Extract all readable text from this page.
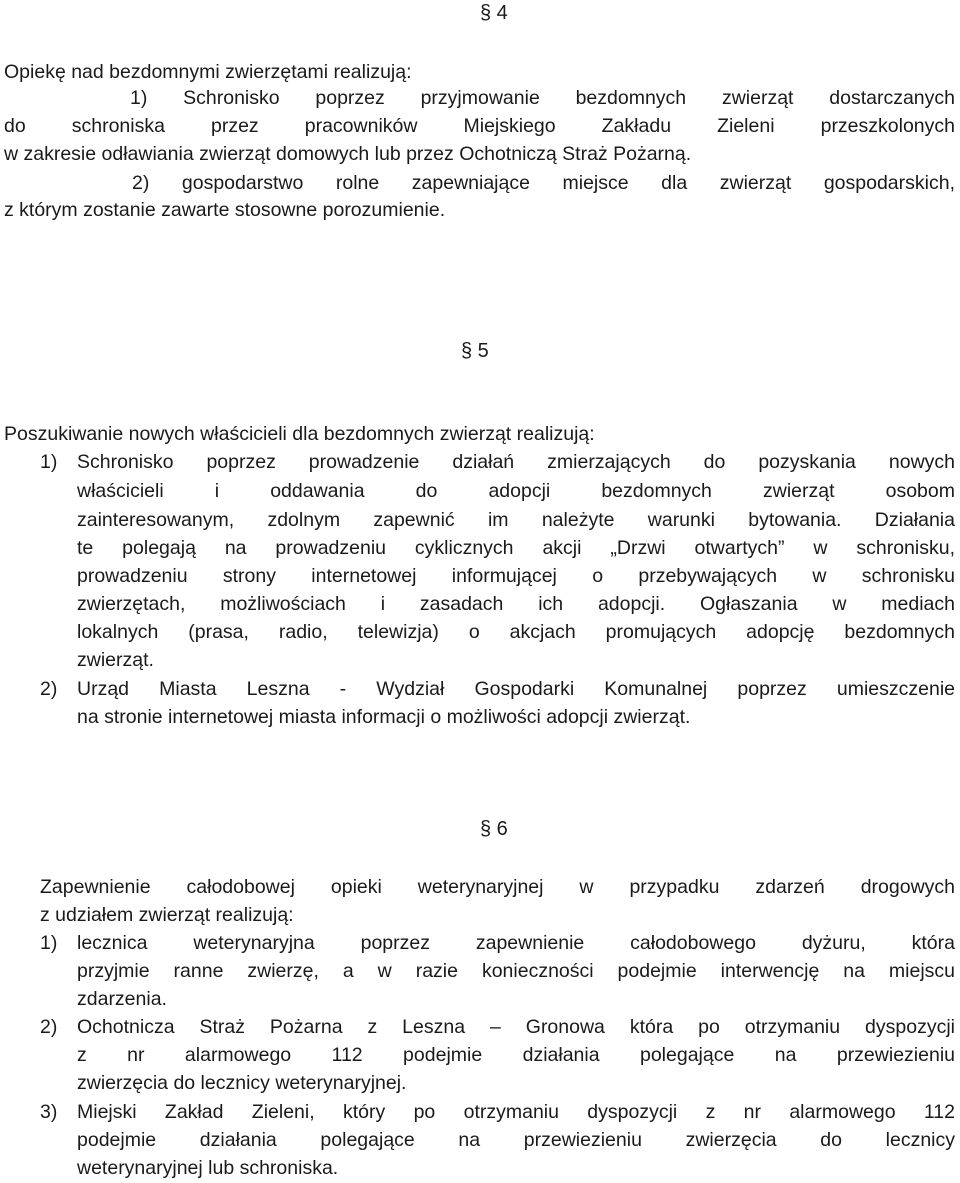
§ 4
Opiekę nad bezdomnymi zwierzętami realizują:
1) Schronisko poprzez przyjmowanie bezdomnych zwierząt dostarczanych
do schroniska przez pracowników Miejskiego Zakładu Zieleni przeszkolonych
w zakresie odławiania zwierząt domowych lub przez Ochotniczą Straż Pożarną.
2) gospodarstwo rolne zapewniające miejsce dla zwierząt gospodarskich,
z którym zostanie zawarte stosowne porozumienie.
§ 5
Poszukiwanie nowych właścicieli dla bezdomnych zwierząt realizują:
1) Schronisko poprzez prowadzenie działań zmierzających do pozyskania nowych
właścicieli i oddawania do adopcji bezdomnych zwierząt osobom
zainteresowanym, zdolnym zapewnić im należyte warunki bytowania. Działania
te polegają na prowadzeniu cyklicznych akcji „Drzwi otwartych” w schronisku,
prowadzeniu strony internetowej informującej o przebywających w schronisku
zwierzętach, możliwościach i zasadach ich adopcji. Ogłaszania w mediach
lokalnych (prasa, radio, telewizja) o akcjach promujących adopcję bezdomnych
zwierząt.
2) Urząd Miasta Leszna - Wydział Gospodarki Komunalnej poprzez umieszczenie
na stronie internetowej miasta informacji o możliwości adopcji zwierząt.
§ 6
Zapewnienie całodobowej opieki weterynaryjnej w przypadku zdarzeń drogowych
z udziałem zwierząt realizują:
1) lecznica weterynaryjna poprzez zapewnienie całodobowego dyżuru, która
przyjmie ranne zwierzę, a w razie konieczności podejmie interwencję na miejscu
zdarzenia.
2) Ochotnicza Straż Pożarna z Leszna – Gronowa która po otrzymaniu dyspozycji
z nr alarmowego 112 podejmie działania polegające na przewiezieniu
zwierzęcia do lecznicy weterynaryjnej.
3) Miejski Zakład Zieleni, który po otrzymaniu dyspozycji z nr alarmowego 112
podejmie działania polegające na przewiezieniu zwierzęcia do lecznicy
weterynaryjnej lub schroniska.
